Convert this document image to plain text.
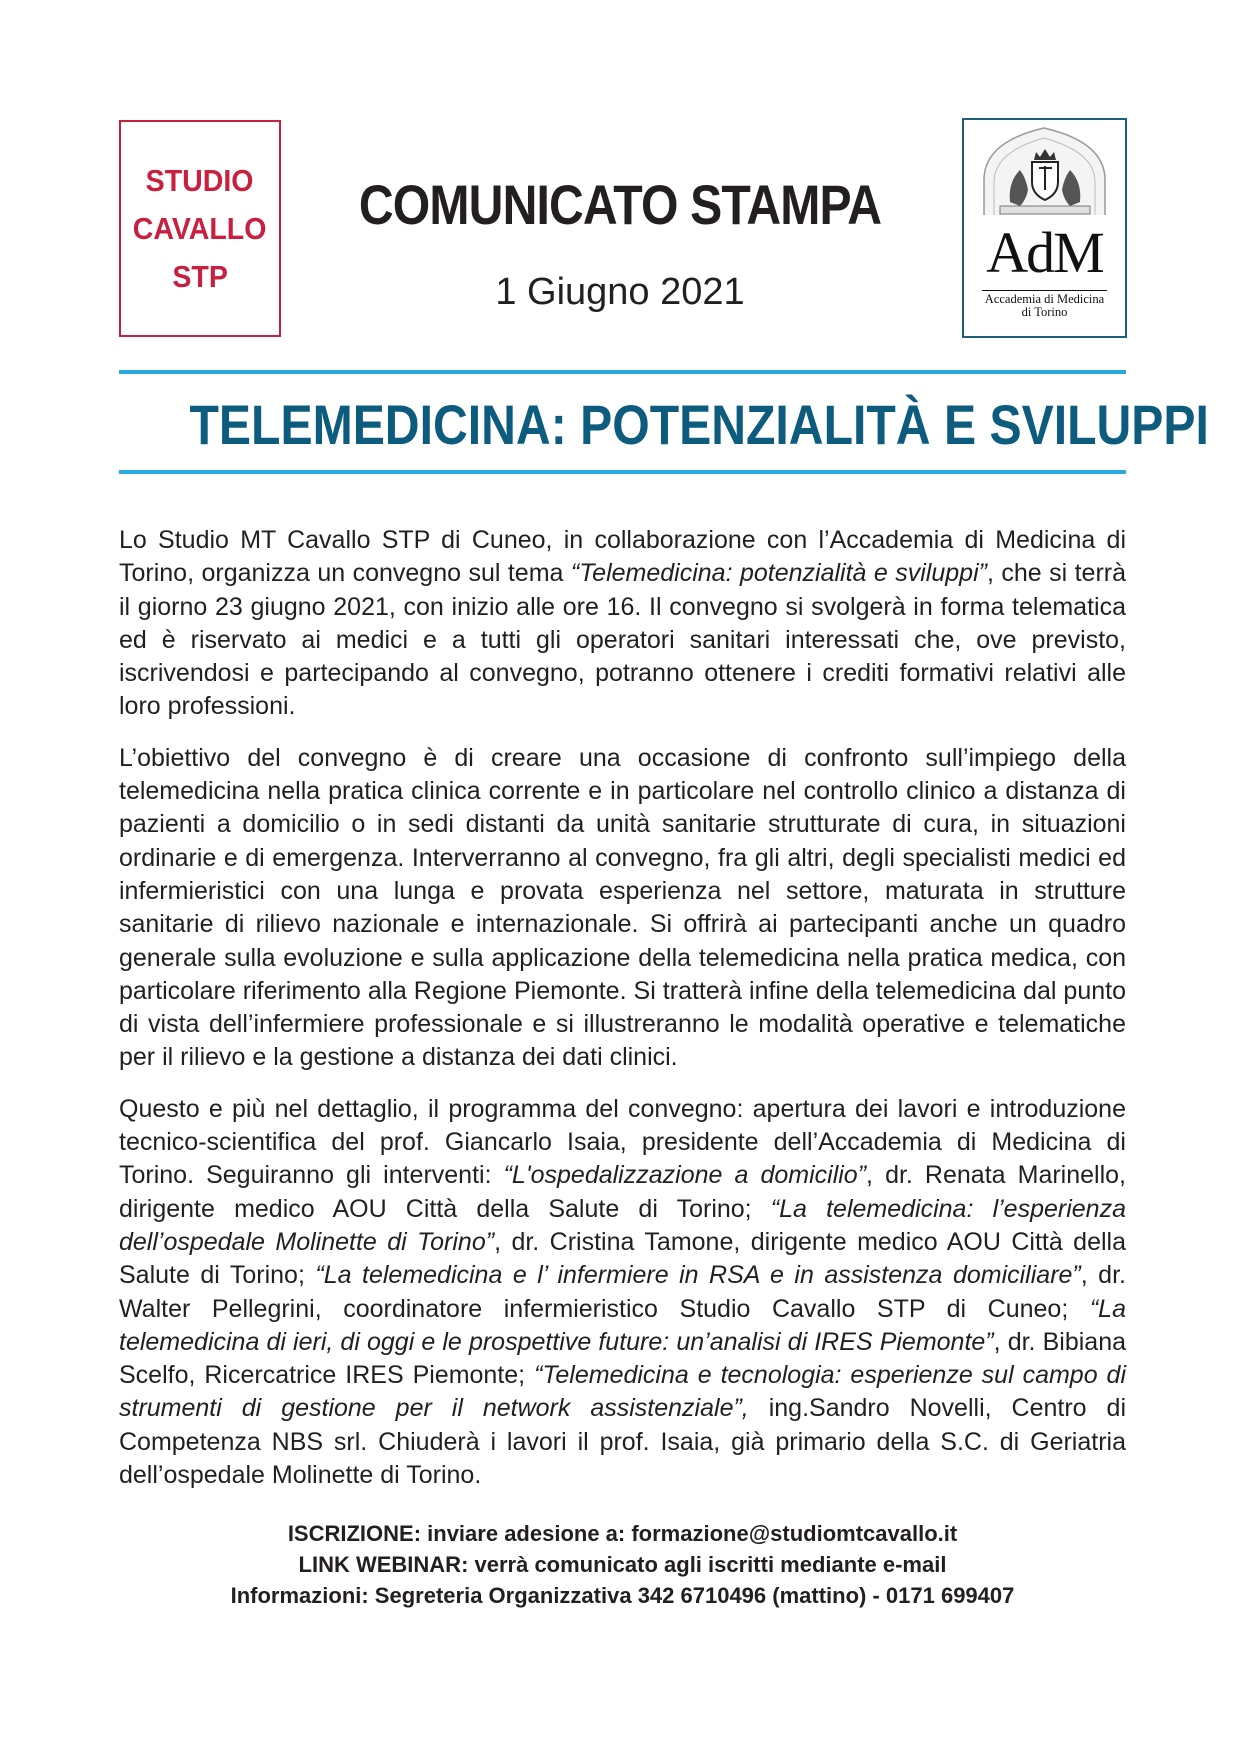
STUDIO
CAVALLO
STP
COMUNICATO STAMPA
1 Giugno 2021
AdM
Accademia di Medicina
di Torino
TELEMEDICINA: POTENZIALITÀ E SVILUPPI

Lo Studio MT Cavallo STP di Cuneo, in collaborazione con l’Accademia di Medicina di Torino, organizza un convegno sul tema “Telemedicina: potenzialità e sviluppi”, che si terrà il giorno 23 giugno 2021, con inizio alle ore 16. Il convegno si svolgerà in forma telematica ed è riservato ai medici e a tutti gli operatori sanitari interessati che, ove previsto, iscrivendosi e partecipando al convegno, potranno ottenere i crediti formativi relativi alle loro professioni.

L’obiettivo del convegno è di creare una occasione di confronto sull’impiego della telemedicina nella pratica clinica corrente e in particolare nel controllo clinico a distanza di pazienti a domicilio o in sedi distanti da unità sanitarie strutturate di cura, in situazioni ordinarie e di emergenza. Interverranno al convegno, fra gli altri, degli specialisti medici ed infermieristici con una lunga e provata esperienza nel settore, maturata in strutture sanitarie di rilievo nazionale e internazionale. Si offrirà ai partecipanti anche un quadro generale sulla evoluzione e sulla applicazione della telemedicina nella pratica medica, con particolare riferimento alla Regione Piemonte. Si tratterà infine della telemedicina dal punto di vista dell’infermiere professionale e si illustreranno le modalità operative e telematiche per il rilievo e la gestione a distanza dei dati clinici.

Questo e più nel dettaglio, il programma del convegno: apertura dei lavori e introduzione tecnico-scientifica del prof. Giancarlo Isaia, presidente dell’Accademia di Medicina di Torino. Seguiranno gli interventi: “L'ospedalizzazione a domicilio”, dr. Renata Marinello, dirigente medico AOU Città della Salute di Torino; “La telemedicina: l’esperienza dell’ospedale Molinette di Torino”, dr. Cristina Tamone, dirigente medico AOU Città della Salute di Torino; “La telemedicina e l’ infermiere in RSA e in assistenza domiciliare”, dr. Walter Pellegrini, coordinatore infermieristico Studio Cavallo STP di Cuneo; “La telemedicina di ieri, di oggi e le prospettive future: un’analisi di IRES Piemonte”, dr. Bibiana Scelfo, Ricercatrice IRES Piemonte; “Telemedicina e tecnologia: esperienze sul campo di strumenti di gestione per il network assistenziale”, ing.Sandro Novelli, Centro di Competenza NBS srl. Chiuderà i lavori il prof. Isaia, già primario della S.C. di Geriatria dell’ospedale Molinette di Torino.

ISCRIZIONE: inviare adesione a: formazione@studiomtcavallo.it
LINK WEBINAR: verrà comunicato agli iscritti mediante e-mail
Informazioni: Segreteria Organizzativa 342 6710496 (mattino) - 0171 699407
